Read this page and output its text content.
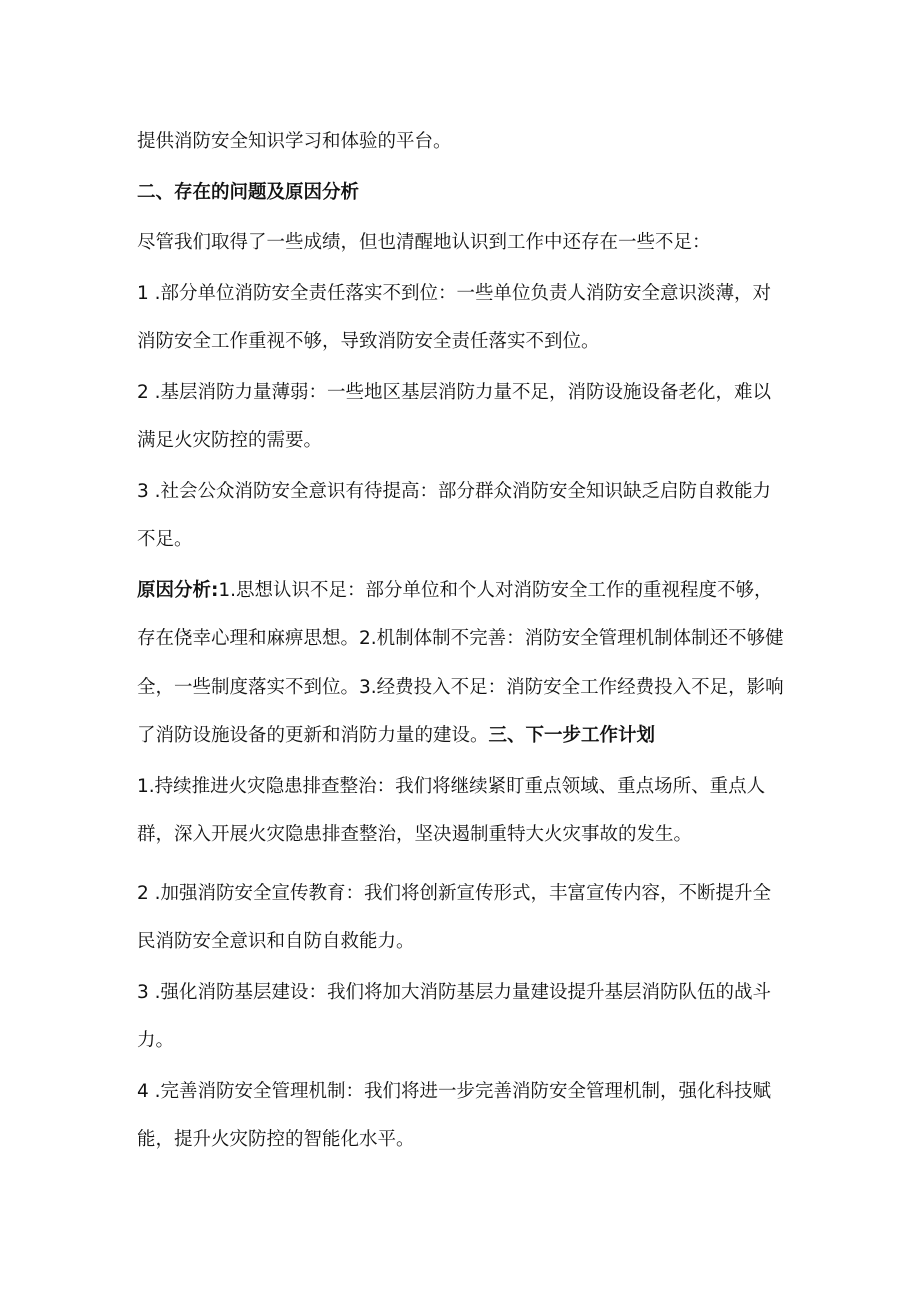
提供消防安全知识学习和体验的平台。

二、存在的问题及原因分析

尽管我们取得了一些成绩，但也清醒地认识到工作中还存在一些不足：

1 .部分单位消防安全责任落实不到位：一些单位负责人消防安全意识淡薄，对

消防安全工作重视不够，导致消防安全责任落实不到位。

2 .基层消防力量薄弱：一些地区基层消防力量不足，消防设施设备老化，难以

满足火灾防控的需要。

3 .社会公众消防安全意识有待提高：部分群众消防安全知识缺乏启防自救能力

不足。

原因分析:1.思想认识不足：部分单位和个人对消防安全工作的重视程度不够，

存在侥幸心理和麻痹思想。2.机制体制不完善：消防安全管理机制体制还不够健

全，一些制度落实不到位。3.经费投入不足：消防安全工作经费投入不足，影响

了消防设施设备的更新和消防力量的建设。三、下一步工作计划

1.持续推进火灾隐患排查整治：我们将继续紧盯重点领域、重点场所、重点人

群，深入开展火灾隐患排查整治，坚决遏制重特大火灾事故的发生。

2 .加强消防安全宣传教育：我们将创新宣传形式，丰富宣传内容，不断提升全

民消防安全意识和自防自救能力。

3 .强化消防基层建设：我们将加大消防基层力量建设提升基层消防队伍的战斗

力。

4 .完善消防安全管理机制：我们将进一步完善消防安全管理机制，强化科技赋

能，提升火灾防控的智能化水平。
